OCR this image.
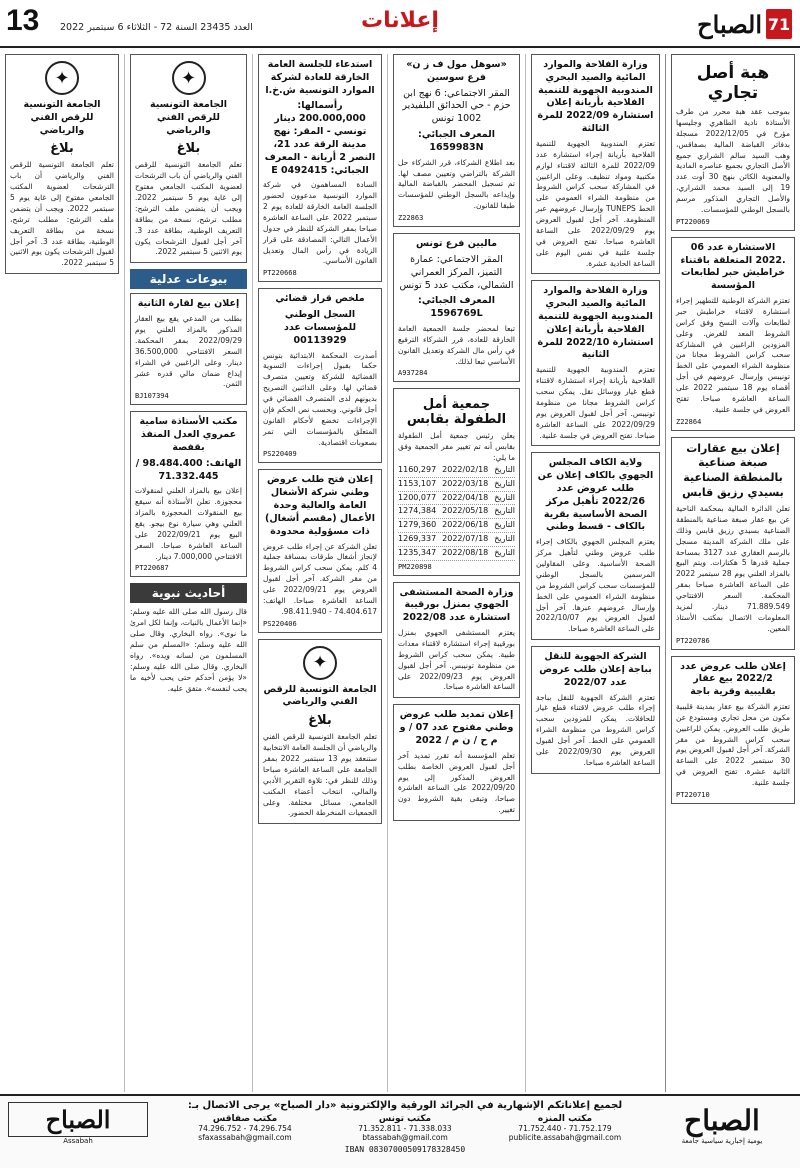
71
الصباح
إعلانات
العدد 23435 السنة 72 - الثلاثاء 6 سبتمبر 2022
13
هبة أصل تجاري
بموجب عقد هبة محرر من طرف الأستاذة نادية الطاهري وجليسها مؤرخ في 2022/12/05 مسجلة بدفاتر القباضة المالية بصفاقس، وهب السيد سالم الشراري جميع الأصل التجاري بجميع عناصره المادية والمعنوية الكائن بنهج 30 أوت عدد 19 إلى السيد محمد الشراري، والأصل التجاري المذكور مرسم بالسجل الوطني للمؤسسات.
PT220069
الاستشارة عدد 06 .2022 المتعلقة باقتناء خراطيش حبر لطابعات المؤسسة
تعتزم الشركة الوطنية للتطهير إجراء استشارة لاقتناء خراطيش حبر لطابعات وآلات النسخ وفق كراس الشروط المعد للغرض. وعلى المزودين الراغبين في المشاركة سحب كراس الشروط مجانا من منظومة الشراء العمومي على الخط تونيبس وإرسال عروضهم في أجل أقصاه يوم 18 سبتمبر 2022 على الساعة العاشرة صباحا. تفتح العروض في جلسة علنية.
Z22864
إعلان بيع عقارات صبغة صناعية بالمنطقة الصناعية بسيدي رزيق قابس
تعلن الدائرة المالية بمحكمة الناحية عن بيع عقار صبغة صناعية بالمنطقة الصناعية بسيدي رزيق قابس وذلك على ملك الشركة المدينة مسجل بالرسم العقاري عدد 3127 بمساحة جملية قدرها 5 هكتارات. ويتم البيع بالمزاد العلني يوم 28 سبتمبر 2022 على الساعة العاشرة صباحا بمقر المحكمة. السعر الافتتاحي 71.889.549 دينار. لمزيد المعلومات الاتصال بمكتب الأستاذ المعين.
PT220786
إعلان طلب عروض عدد 2022/2 بيع عقار بقليبية وقرية باجة
تعتزم الشركة بيع عقار بمدينة قليبية مكون من محل تجاري ومستودع عن طريق طلب العروض. يمكن للراغبين سحب كراس الشروط من مقر الشركة. آخر أجل لقبول العروض يوم 30 سبتمبر 2022 على الساعة الثانية عشرة. تفتح العروض في جلسة علنية.
PT220710
وزارة الفلاحة والموارد المائية والصيد البحري المندوبية الجهوية للتنمية الفلاحية بأريانة إعلان استشارة 2022/09 للمرة الثالثة
تعتزم المندوبية الجهوية للتنمية الفلاحية بأريانة إجراء استشارة عدد 2022/09 للمرة الثالثة لاقتناء لوازم مكتبية ومواد تنظيف. وعلى الراغبين في المشاركة سحب كراس الشروط من منظومة الشراء العمومي على الخط TUNEPS وإرسال عروضهم عبر المنظومة. آخر أجل لقبول العروض يوم 2022/09/29 على الساعة العاشرة صباحا. تفتح العروض في جلسة علنية في نفس اليوم على الساعة الحادية عشرة.
وزارة الفلاحة والموارد المائية والصيد البحري المندوبية الجهوية للتنمية الفلاحية بأريانة إعلان استشارة 2022/10 للمرة الثانية
تعتزم المندوبية الجهوية للتنمية الفلاحية بأريانة إجراء استشارة لاقتناء قطع غيار ووسائل نقل. يمكن سحب كراس الشروط مجانا من منظومة تونيبس. آخر أجل لقبول العروض يوم 2022/09/29 على الساعة العاشرة صباحا. تفتح العروض في جلسة علنية.
ولاية الكاف المجلس الجهوي بالكاف إعلان عن طلب عروض عدد 2022/26 تأهيل مركز الصحة الأساسية بقرية بالكاف - قسط وطني
يعتزم المجلس الجهوي بالكاف إجراء طلب عروض وطني لتأهيل مركز الصحة الأساسية. وعلى المقاولين المرسمين بالسجل الوطني للمؤسسات سحب كراس الشروط من منظومة الشراء العمومي على الخط وإرسال عروضهم عبرها. آخر أجل لقبول العروض يوم 2022/10/07 على الساعة العاشرة صباحا.
الشركة الجهوية للنقل بباجة إعلان طلب عروض عدد 2022/07
تعتزم الشركة الجهوية للنقل بباجة إجراء طلب عروض لاقتناء قطع غيار للحافلات. يمكن للمزودين سحب كراس الشروط من منظومة الشراء العمومي على الخط. آخر أجل لقبول العروض يوم 2022/09/30 على الساعة العاشرة صباحا.
«سوهل مول ف ز ن» فرع سوسين
المقر الاجتماعي: 6 نهج ابن حزم - حي الحدائق البلفيدير 1002 تونس
المعرف الجبائي: 1659983N
بعد اطلاع الشركاء، قرر الشركاء حل الشركة بالتراضي وتعيين مصف لها. تم تسجيل المحضر بالقباضة المالية وإيداعه بالسجل الوطني للمؤسسات طبقا للقانون.
Z22863
ماليين فرع تونس
المقر الاجتماعي: عمارة التميز، المركز العمراني الشمالي، مكتب عدد 5 تونس
المعرف الجبائي: 1596769L
تبعا لمحضر جلسة الجمعية العامة الخارقة للعادة، قرر الشركاء الترفيع في رأس مال الشركة وتعديل القانون الأساسي تبعا لذلك.
A937284
جمعية أمل الطفولة بقابس
يعلن رئيس جمعية أمل الطفولة بقابس أنه تم تغيير مقر الجمعية وفق ما يلي:
التاريخ
2022/02/18
1160,297
التاريخ
2022/03/18
1153,107
التاريخ
2022/04/18
1200,077
التاريخ
2022/05/18
1274,384
التاريخ
2022/06/18
1279,360
التاريخ
2022/07/18
1269,337
التاريخ
2022/08/18
1235,347
PM220898
وزارة الصحة المستشفى الجهوي بمنزل بورقيبة استشارة عدد 2022/08
يعتزم المستشفى الجهوي بمنزل بورقيبة إجراء استشارة لاقتناء معدات طبية. يمكن سحب كراس الشروط من منظومة تونيبس. آخر أجل لقبول العروض يوم 2022/09/23 على الساعة العاشرة صباحا.
إعلان تمديد طلب عروض وطني مفتوح عدد 07 / و م ح / ن م / 2022
تعلم المؤسسة أنه تقرر تمديد آخر أجل لقبول العروض الخاصة بطلب العروض المذكور إلى يوم 2022/09/20 على الساعة العاشرة صباحا، وتبقى بقية الشروط دون تغيير.
استدعاء للجلسة العامة الخارقة للعادة لشركة الموارد التونسية ش.خ.ا
رأسمالها: 200.000,000 دينار تونسي - المقر: نهج مدينة الرقة عدد 21، النصر 2 أريانة - المعرف الجبائي: E 0492415
السادة المساهمون في شركة الموارد التونسية مدعوون لحضور الجلسة العامة الخارقة للعادة يوم 2 سبتمبر 2022 على الساعة العاشرة صباحا بمقر الشركة للنظر في جدول الأعمال التالي: المصادقة على قرار الزيادة في رأس المال وتعديل القانون الأساسي.
PT220668
ملخص قرار قضائي
السجل الوطني للمؤسسات عدد 00113929
أصدرت المحكمة الابتدائية بتونس حكما بقبول إجراءات التسوية القضائية للشركة وتعيين متصرف قضائي لها. وعلى الدائنين التصريح بديونهم لدى المتصرف القضائي في أجل قانوني. وبحسب نص الحكم فإن الإجراءات تخضع لأحكام القانون المتعلق بالمؤسسات التي تمر بصعوبات اقتصادية.
PS220409
إعلان فتح طلب عروض وطني شركة الأشغال العامة والعالية وحدة الأعمال (مقسم أشغال) ذات مسؤولية محدودة
تعلن الشركة عن إجراء طلب عروض لإنجاز أشغال طرقات بمسافة جملية 4 كلم. يمكن سحب كراس الشروط من مقر الشركة. آخر أجل لقبول العروض يوم 2022/09/21 على الساعة العاشرة صباحا. الهاتف: 74.404.617 - 98.411.940.
PS220406
✦
الجامعة التونسية للرقص الفني والرياضي
بلاغ
تعلم الجامعة التونسية للرقص الفني والرياضي أن الجلسة العامة الانتخابية ستنعقد يوم 13 سبتمبر 2022 بمقر الجامعة على الساعة العاشرة صباحا وذلك للنظر في: تلاوة التقرير الأدبي والمالي، انتخاب أعضاء المكتب الجامعي، مسائل مختلفة. وعلى الجمعيات المنخرطة الحضور.
✦
الجامعة التونسية للرقص الفني والرياضي
بلاغ
تعلم الجامعة التونسية للرقص الفني والرياضي أن باب الترشحات لعضوية المكتب الجامعي مفتوح إلى غاية يوم 5 سبتمبر 2022. ويجب أن يتضمن ملف الترشح: مطلب ترشح، نسخة من بطاقة التعريف الوطنية، بطاقة عدد 3. آخر أجل لقبول الترشحات يكون يوم الاثنين 5 سبتمبر 2022.
بيوعات عدلية
إعلان بيع لقارة الثانية
بطلب من المدعي يقع بيع العقار المذكور بالمزاد العلني يوم 2022/09/29 بمقر المحكمة. السعر الافتتاحي 36.500,000 دينار. وعلى الراغبين في الشراء إيداع ضمان مالي قدره عشر الثمن.
BJ107394
مكتب الأستاذة سامية عمروي العدل المنفذ بقفصة
الهاتف: 98.484.400 / 71.332.445
إعلان بيع بالمزاد العلني لمنقولات محجوزة. تعلن الأستاذة أنه سيقع بيع المنقولات المحجوزة بالمزاد العلني وهي سيارة نوع بيجو. يقع البيع يوم 2022/09/21 على الساعة العاشرة صباحا. السعر الافتتاحي 7.000,000 دينار.
PT220687
أحاديث نبوية
قال رسول الله صلى الله عليه وسلم: «إنما الأعمال بالنيات، وإنما لكل امرئ ما نوى». رواه البخاري. وقال صلى الله عليه وسلم: «المسلم من سلم المسلمون من لسانه ويده». رواه البخاري. وقال صلى الله عليه وسلم: «لا يؤمن أحدكم حتى يحب لأخيه ما يحب لنفسه». متفق عليه.
✦
الجامعة التونسية للرقص الفني والرياضي
بلاغ
تعلم الجامعة التونسية للرقص الفني والرياضي أن باب الترشحات لعضوية المكتب الجامعي مفتوح إلى غاية يوم 5 سبتمبر 2022. ويجب أن يتضمن ملف الترشح: مطلب ترشح، نسخة من بطاقة التعريف الوطنية، بطاقة عدد 3. آخر أجل لقبول الترشحات يكون يوم الاثنين 5 سبتمبر 2022.
الصباح
يومية إخبارية سياسية جامعة
لجميع إعلاناتكم الإشهارية في الجرائد الورقية والإلكترونية «دار الصباح» يرجى الاتصال بـ:
مكتب المنزه
71.752.179 - 71.752.440
publicite.assabah@gmail.com
مكتب تونس
71.338.033 - 71.352.811
btassabah@gmail.com
مكتب صفاقس
74.296.754 - 74.296.752
sfaxassabah@gmail.com
IBAN 08307000509178328450
الصباح
Assabah
